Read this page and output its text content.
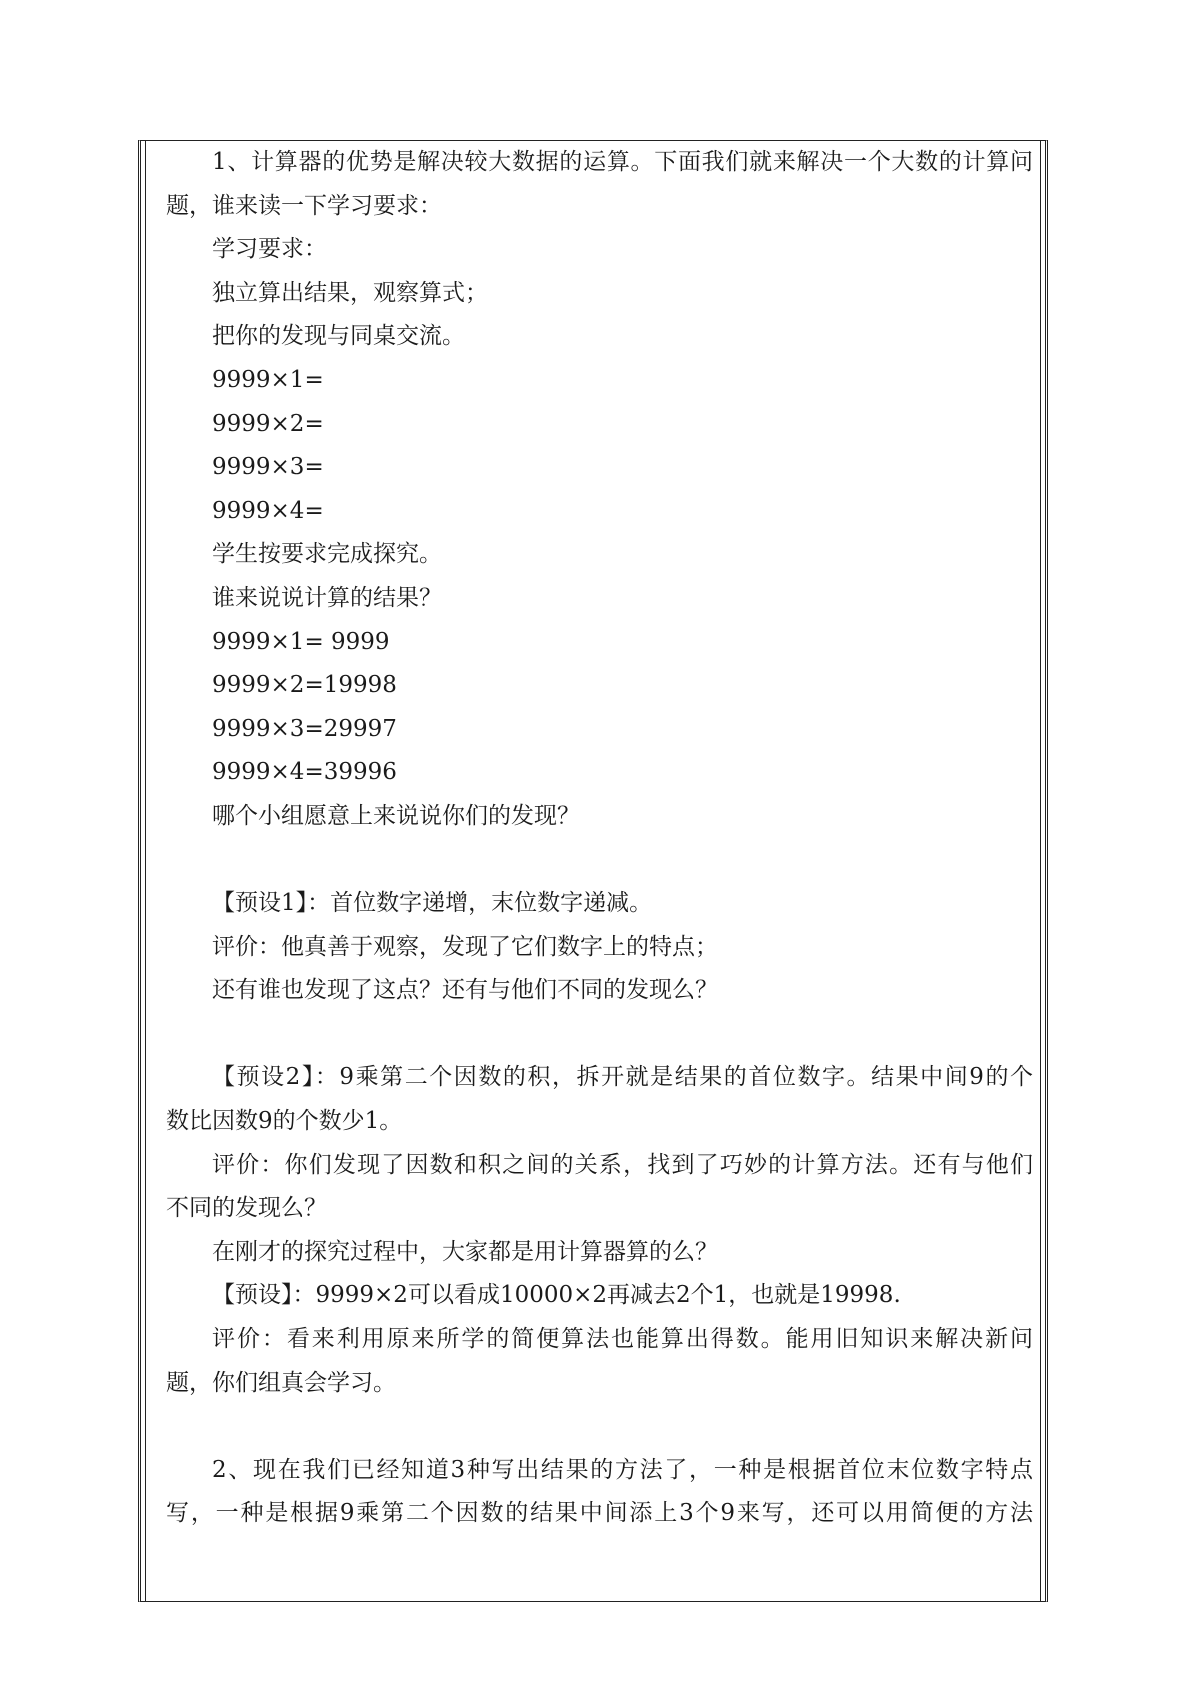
1、计算器的优势是解决较大数据的运算。下面我们就来解决一个大数的计算问
题，谁来读一下学习要求：
学习要求：
独立算出结果，观察算式；
把你的发现与同桌交流。
9999×1=
9999×2=
9999×3=
9999×4=
学生按要求完成探究。
谁来说说计算的结果？
9999×1= 9999
9999×2=19998
9999×3=29997
9999×4=39996
哪个小组愿意上来说说你们的发现？
【预设1】：首位数字递增，末位数字递减。
评价：他真善于观察，发现了它们数字上的特点；
还有谁也发现了这点？还有与他们不同的发现么？
【预设2】：9乘第二个因数的积，拆开就是结果的首位数字。结果中间9的个
数比因数9的个数少1。
评价：你们发现了因数和积之间的关系，找到了巧妙的计算方法。还有与他们
不同的发现么？
在刚才的探究过程中，大家都是用计算器算的么？
【预设】：9999×2可以看成10000×2再减去2个1，也就是19998.
评价：看来利用原来所学的简便算法也能算出得数。能用旧知识来解决新问
题，你们组真会学习。
2、现在我们已经知道3种写出结果的方法了，一种是根据首位末位数字特点
写，一种是根据9乘第二个因数的结果中间添上3个9来写，还可以用简便的方法
